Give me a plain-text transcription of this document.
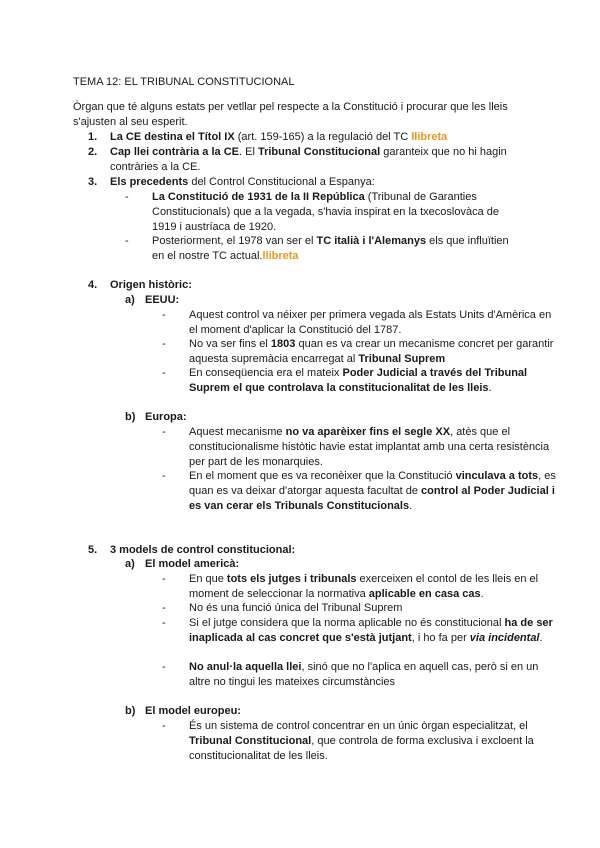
TEMA 12: EL TRIBUNAL CONSTITUCIONAL
Òrgan que té alguns estats per vetllar pel respecte a la Constitució i procurar que les lleis s'ajusten al seu esperit.
1. La CE destina el Títol IX (art. 159-165) a la regulació del TC llibreta
2. Cap llei contrària a la CE. El Tribunal Constitucional garanteix que no hi hagin contràries a la CE.
3. Els precedents del Control Constitucional a Espanya:
- La Constitució de 1931 de la II República (Tribunal de Garanties Constitucionals) que a la vegada, s'havia inspirat en la txecoslovàca de 1919 i austríaca de 1920.
- Posteriorment, el 1978 van ser el TC italià i l'Alemanys els que influïtien en el nostre TC actual.llibreta
4. Origen històric:
a) EEUU:
- Aquest control va néixer per primera vegada als Estats Units d'Amèrica en el moment d'aplicar la Constitució del 1787.
- No va ser fins el 1803 quan es va crear un mecanisme concret per garantir aquesta supremàcia encarregat al Tribunal Suprem
- En conseqüencia era el mateix Poder Judicial a través del Tribunal Suprem el que controlava la constitucionalitat de les lleis.
b) Europa:
- Aquest mecanisme no va aparèixer fins el segle XX, atès que el constitucionalisme històtic havie estat implantat amb una certa resistència per part de les monarquies.
- En el moment que es va reconèixer que la Constitució vinculava a tots, es quan es va deixar d'atorgar aquesta facultat de control al Poder Judicial i es van cerar els Tribunals Constitucionals.
5. 3 models de control constitucional:
a) El model americà:
- En que tots els jutges i tribunals exerceixen el contol de les lleis en el moment de seleccionar la normativa aplicable en casa cas.
- No és una funció única del Tribunal Suprem
- Si el jutge considera que la norma aplicable no és constitucional ha de ser inaplicada al cas concret que s'està jutjant, i ho fa per via incidental.
- No anul·la aquella llei, sinó que no l'aplica en aquell cas, però si en un altre no tingui les mateixes circumstàncies
b) El model europeu:
- És un sistema de control concentrar en un únic òrgan especialitzat, el Tribunal Constitucional, que controla de forma exclusiva i excloent la constitucionalitat de les lleis.
